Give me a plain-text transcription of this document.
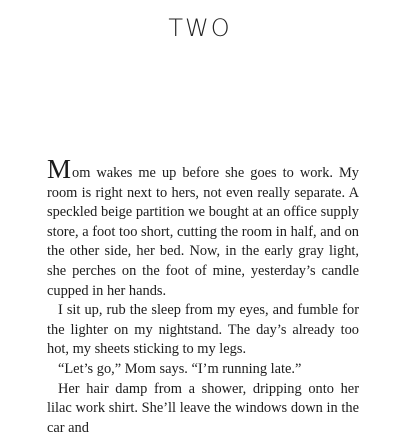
TWO

Mom wakes me up before she goes to work. My room is right next to hers, not even really separate. A speckled beige partition we bought at an office supply store, a foot too short, cutting the room in half, and on the other side, her bed. Now, in the early gray light, she perches on the foot of mine, yesterday’s candle cupped in her hands.

I sit up, rub the sleep from my eyes, and fumble for the lighter on my nightstand. The day’s already too hot, my sheets sticking to my legs.

“Let’s go,” Mom says. “I’m running late.”

Her hair damp from a shower, dripping onto her lilac work shirt. She’ll leave the windows down in the car and
